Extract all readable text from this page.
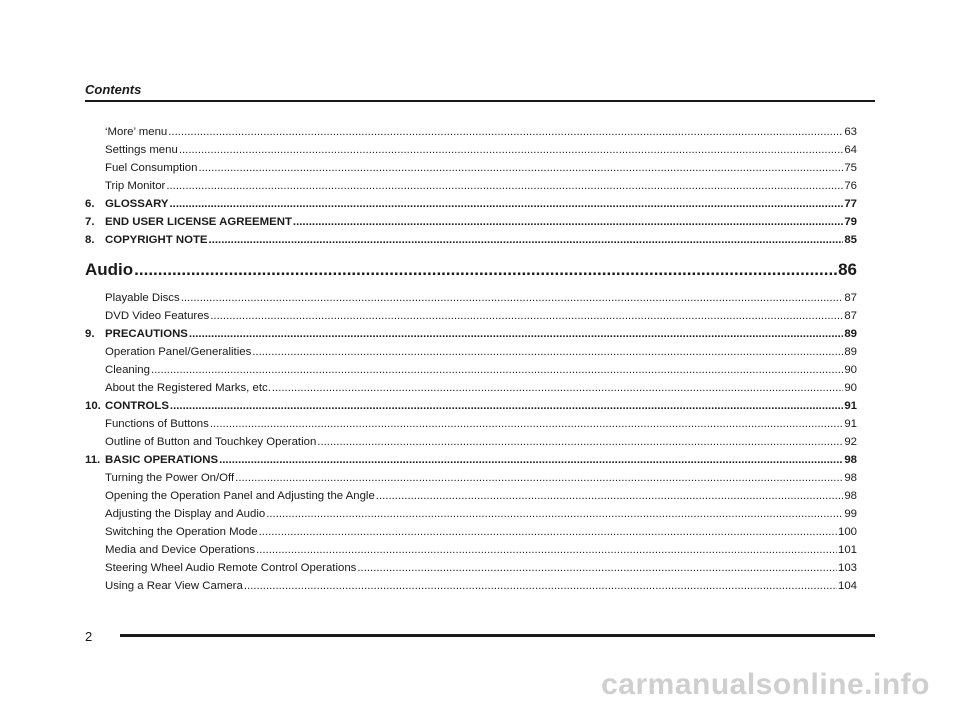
Contents
‘More’ menu .....	63
Settings menu .....	64
Fuel Consumption .....	75
Trip Monitor .....	76
6. GLOSSARY .....	77
7. END USER LICENSE AGREEMENT .....	79
8. COPYRIGHT NOTE .....	85
Audio .....	86
Playable Discs .....	87
DVD Video Features .....	87
9. PRECAUTIONS .....	89
Operation Panel/Generalities .....	89
Cleaning .....	90
About the Registered Marks, etc. .....	90
10. CONTROLS .....	91
Functions of Buttons .....	91
Outline of Button and Touchkey Operation .....	92
11. BASIC OPERATIONS .....	98
Turning the Power On/Off .....	98
Opening the Operation Panel and Adjusting the Angle .....	98
Adjusting the Display and Audio .....	99
Switching the Operation Mode .....	100
Media and Device Operations .....	101
Steering Wheel Audio Remote Control Operations .....	103
Using a Rear View Camera .....	104
2
carmanualsonline.info
